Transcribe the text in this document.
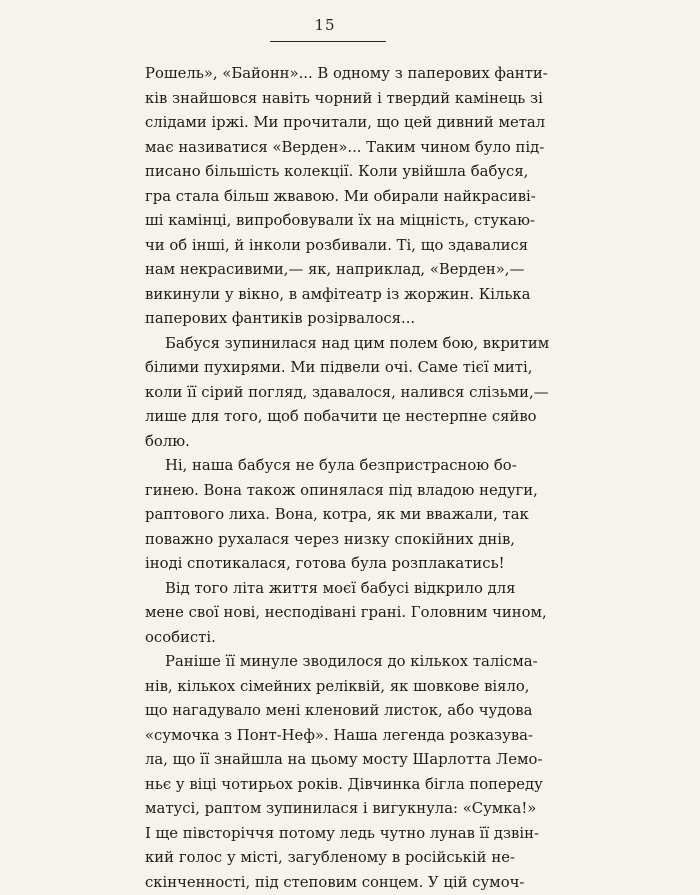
15
Рошель», «Байонн»... В одному з паперових фанти-
ків знайшовся навіть чорний і твердий камінець зі
слідами іржі. Ми прочитали, що цей дивний метал
має називатися «Верден»... Таким чином було під-
писано більшість колекції. Коли увійшла бабуся,
гра стала більш жвавою. Ми обирали найкрасиві-
ші камінці, випробовували їх на міцність, стукаю-
чи об інші, й інколи розбивали. Ті, що здавалися
нам некрасивими,— як, наприклад, «Верден»,—
викинули у вікно, в амфітеатр із жоржин. Кілька
паперових фантиків розірвалося...
Бабуся зупинилася над цим полем бою, вкритим
білими пухирями. Ми підвели очі. Саме тієї миті,
коли її сірий погляд, здавалося, налився слізьми,—
лише для того, щоб побачити це нестерпне сяйво
болю.
Ні, наша бабуся не була безпристрасною бо-
гинею. Вона також опинялася під владою недуги,
раптового лиха. Вона, котра, як ми вважали, так
поважно рухалася через низку спокійних днів,
іноді спотикалася, готова була розплакатись!
Від того літа життя моєї бабусі відкрило для
мене свої нові, несподівані грані. Головним чином,
особисті.
Раніше її минуле зводилося до кількох талісма-
нів, кількох сімейних реліквій, як шовкове віяло,
що нагадувало мені кленовий листок, або чудова
«сумочка з Понт-Неф». Наша легенда розказува-
ла, що її знайшла на цьому мосту Шарлотта Лемо-
ньє у віці чотирьох років. Дівчинка бігла попереду
матусі, раптом зупинилася і вигукнула: «Сумка!»
І ще півсторіччя потому ледь чутно лунав її дзвін-
кий голос у місті, загубленому в російській не-
скінченності, під степовим сонцем. У цій сумоч-
